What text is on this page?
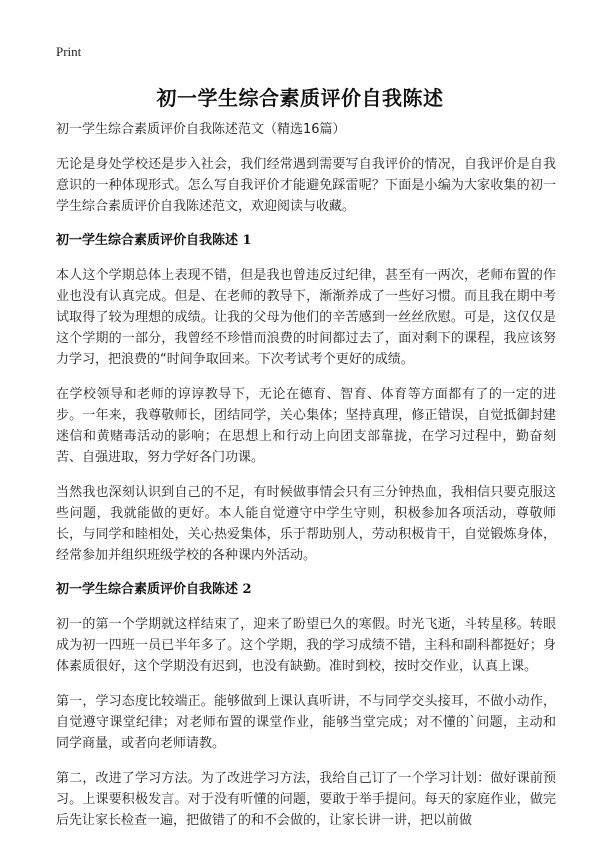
Print
初一学生综合素质评价自我陈述

初一学生综合素质评价自我陈述范文（精选16篇）

无论是身处学校还是步入社会，我们经常遇到需要写自我评价的情况，自我评价是自我意识的一种体现形式。怎么写自我评价才能避免踩雷呢？下面是小编为大家收集的初一学生综合素质评价自我陈述范文，欢迎阅读与收藏。

初一学生综合素质评价自我陈述 1

本人这个学期总体上表现不错，但是我也曾违反过纪律，甚至有一两次，老师布置的作业也没有认真完成。但是、在老师的教导下，渐渐养成了一些好习惯。而且我在期中考试取得了较为理想的成绩。让我的父母为他们的辛苦感到一丝丝欣慰。可是，这仅仅是这个学期的一部分，我曾经不珍惜而浪费的时间都过去了，面对剩下的课程，我应该努力学习，把浪费的“时间争取回来。下次考试考个更好的成绩。

在学校领导和老师的谆谆教导下，无论在德育、智育、体育等方面都有了的一定的进步。一年来，我尊敬师长，团结同学，关心集体；坚持真理，修正错误，自觉抵御封建迷信和黄赌毒活动的影响；在思想上和行动上向团支部靠拢，在学习过程中，勤奋刻苦、自强进取，努力学好各门功课。

当然我也深刻认识到自己的不足，有时候做事情会只有三分钟热血，我相信只要克服这些问题，我就能做的更好。本人能自觉遵守中学生守则，积极参加各项活动，尊敬师长，与同学和睦相处，关心热爱集体，乐于帮助别人，劳动积极肯干，自觉锻炼身体，经常参加并组织班级学校的各种课内外活动。

初一学生综合素质评价自我陈述 2

初一的第一个学期就这样结束了，迎来了盼望已久的寒假。时光飞逝，斗转星移。转眼成为初一四班一员已半年多了。这个学期，我的学习成绩不错，主科和副科都挺好；身体素质很好，这个学期没有迟到，也没有缺勤。准时到校，按时交作业，认真上课。

第一，学习态度比较端正。能够做到上课认真听讲，不与同学交头接耳，不做小动作，自觉遵守课堂纪律；对老师布置的课堂作业，能够当堂完成；对不懂的`问题，主动和同学商量，或者向老师请教。

第二，改进了学习方法。为了改进学习方法，我给自己订了一个学习计划：做好课前预习。上课要积极发言。对于没有听懂的问题，要敢于举手提问。每天的家庭作业，做完后先让家长检查一遍，把做错了的和不会做的，让家长讲一讲，把以前做
